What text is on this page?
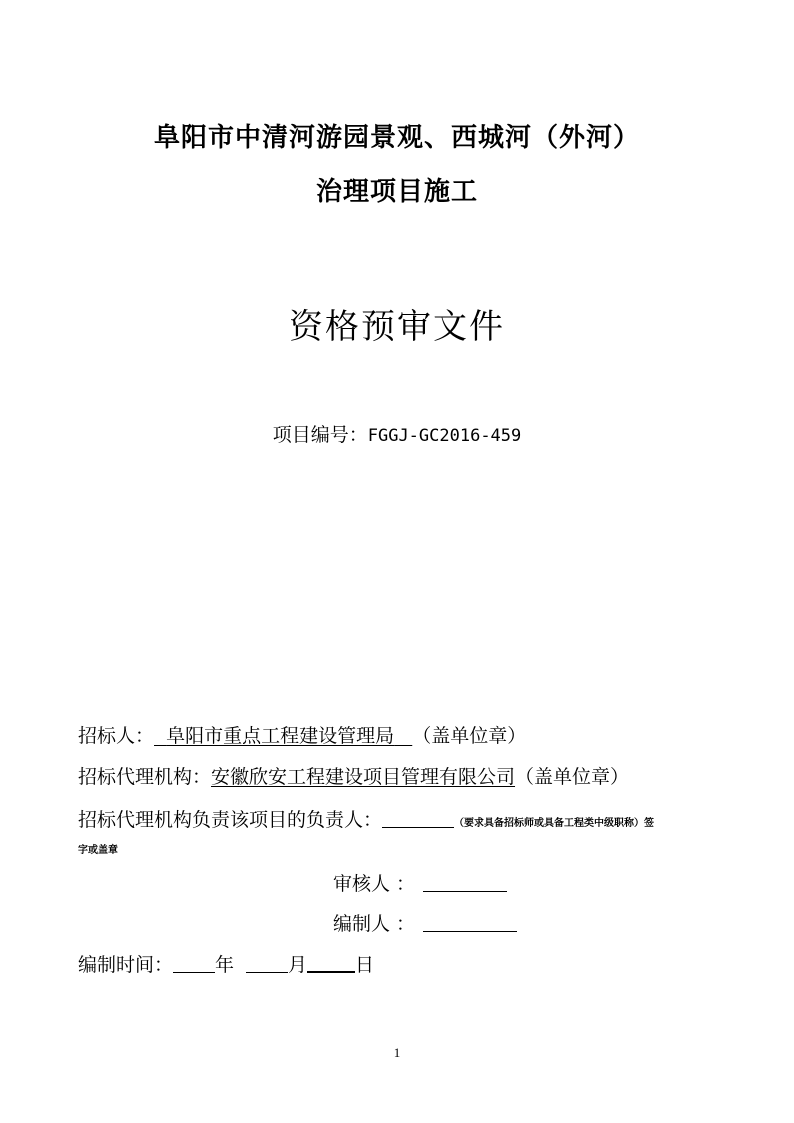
阜阳市中清河游园景观、西城河（外河）
治理项目施工
资格预审文件
项目编号：FGGJ-GC2016-459
招标人： 阜阳市重点工程建设管理局 （盖单位章）
招标代理机构：安徽欣安工程建设项目管理有限公司（盖单位章）
招标代理机构负责该项目的负责人：	（要求具备招标师或具备工程类中级职称）签
字或盖章
审核人 ：
编制人 ：
编制时间： 年	月	日
1
